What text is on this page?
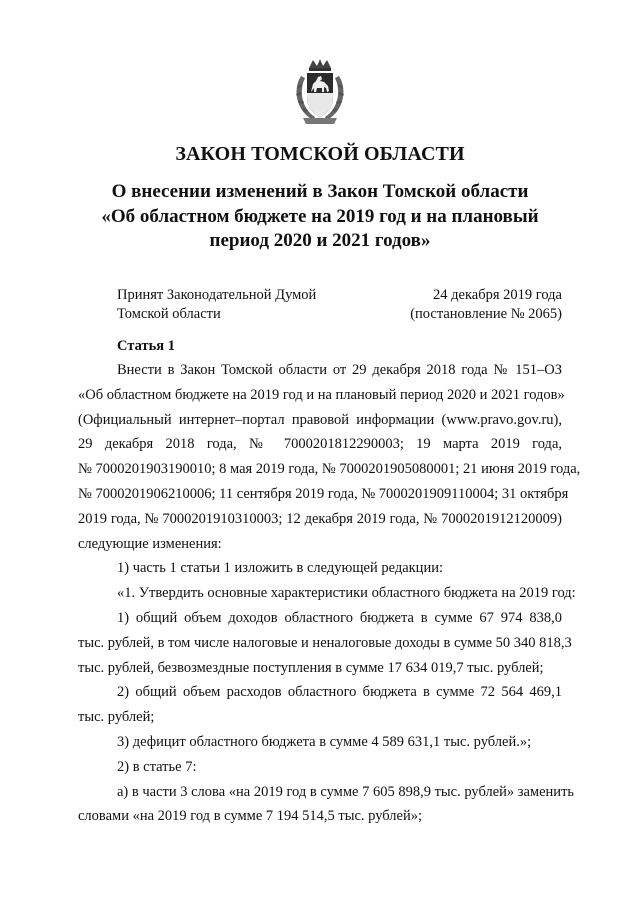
ЗАКОН ТОМСКОЙ ОБЛАСТИ
О внесении изменений в Закон Томской области
«Об областном бюджете на 2019 год и на плановый
период 2020 и 2021 годов»
Принят Законодательной Думой
Томской области
24 декабря 2019 года
(постановление № 2065)
Статья 1
Внести в Закон Томской области от 29 декабря 2018 года № 151–ОЗ
«Об областном бюджете на 2019 год и на плановый период 2020 и 2021 годов»
(Официальный интернет–портал правовой информации (www.pravo.gov.ru),
29 декабря 2018 года, № 7000201812290003; 19 марта 2019 года,
№ 7000201903190010; 8 мая 2019 года, № 7000201905080001; 21 июня 2019 года,
№ 7000201906210006; 11 сентября 2019 года, № 7000201909110004; 31 октября
2019 года, № 7000201910310003; 12 декабря 2019 года, № 7000201912120009)
следующие изменения:
1) часть 1 статьи 1 изложить в следующей редакции:
«1. Утвердить основные характеристики областного бюджета на 2019 год:
1) общий объем доходов областного бюджета в сумме 67 974 838,0
тыс. рублей, в том числе налоговые и неналоговые доходы в сумме 50 340 818,3
тыс. рублей, безвозмездные поступления в сумме 17 634 019,7 тыс. рублей;
2) общий объем расходов областного бюджета в сумме 72 564 469,1
тыс. рублей;
3) дефицит областного бюджета в сумме 4 589 631,1 тыс. рублей.»;
2) в статье 7:
а) в части 3 слова «на 2019 год в сумме 7 605 898,9 тыс. рублей» заменить
словами «на 2019 год в сумме 7 194 514,5 тыс. рублей»;
